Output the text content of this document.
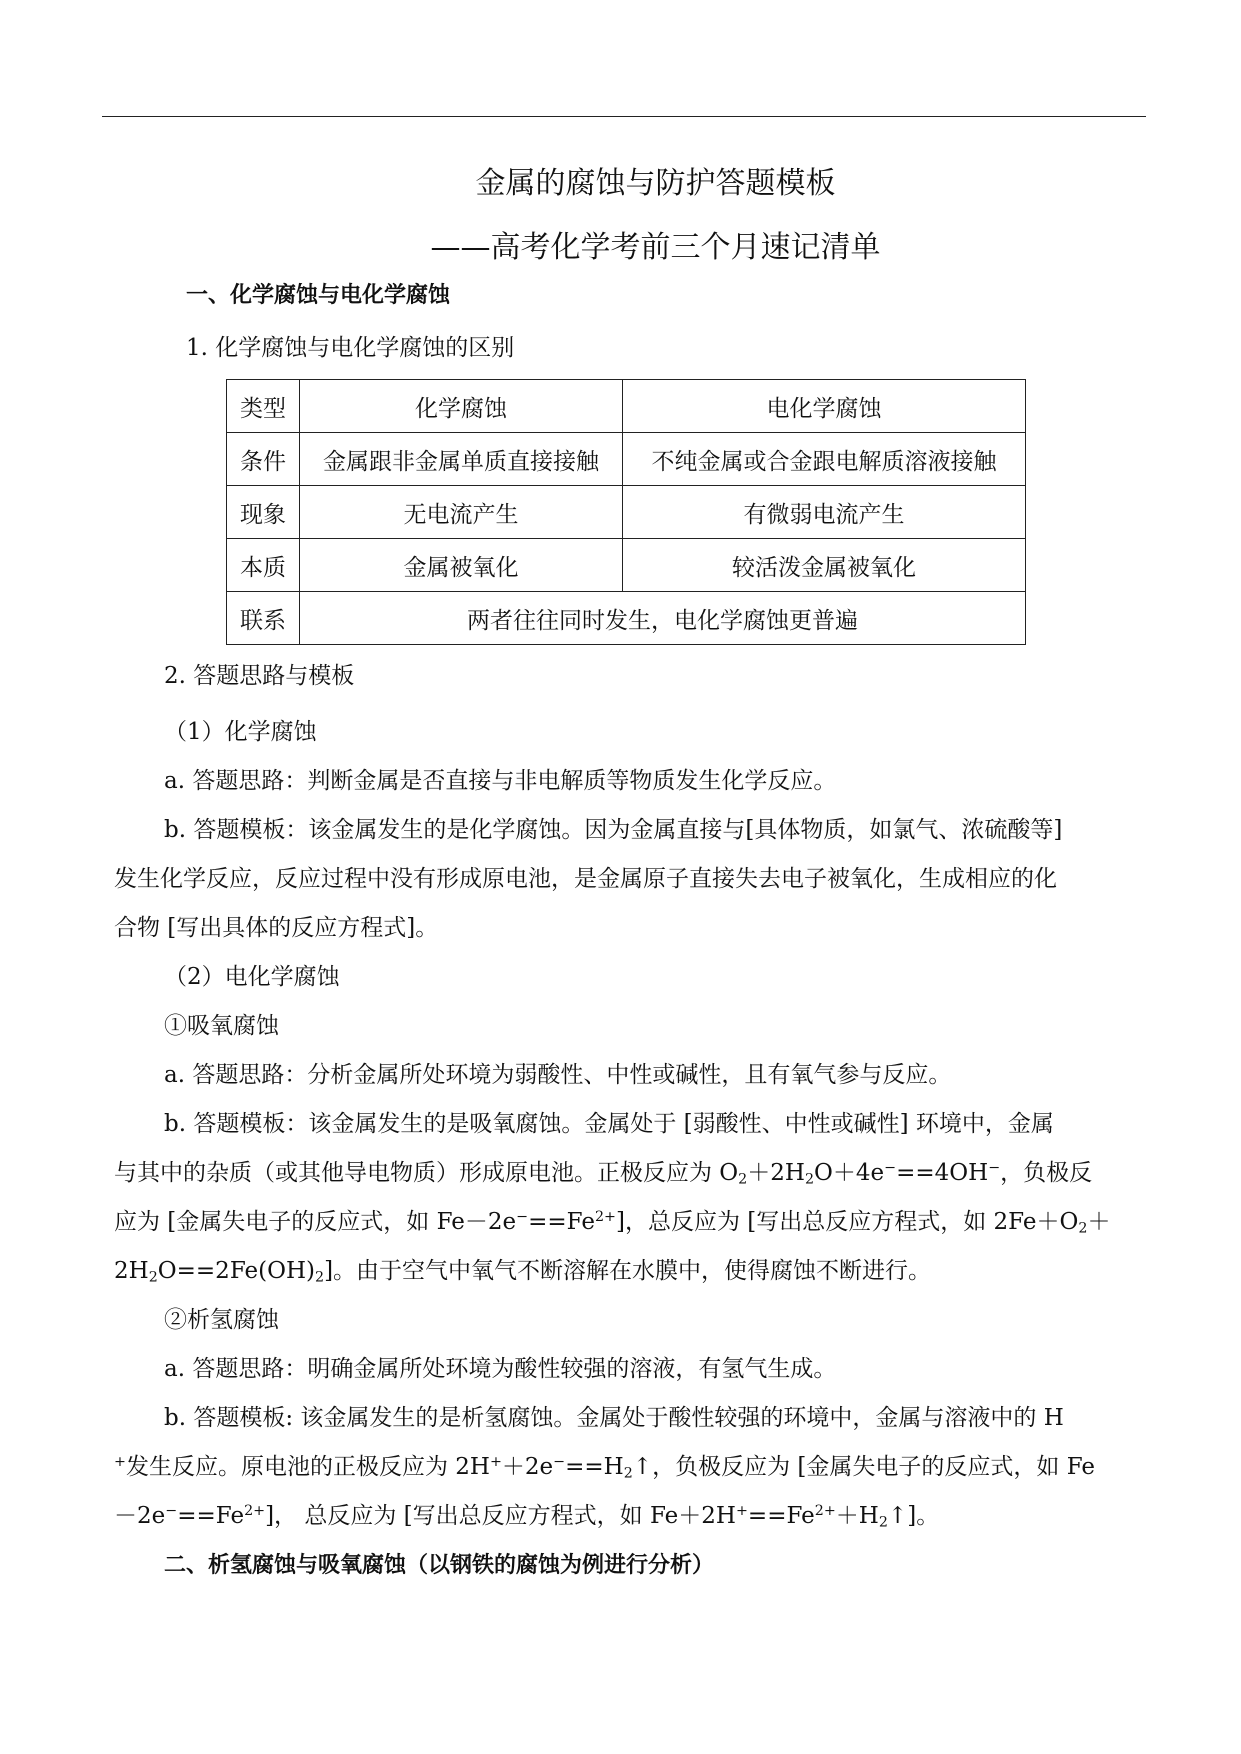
金属的腐蚀与防护答题模板
——高考化学考前三个月速记清单
一、化学腐蚀与电化学腐蚀
1. 化学腐蚀与电化学腐蚀的区别
类型	化学腐蚀	电化学腐蚀
条件	金属跟非金属单质直接接触	不纯金属或合金跟电解质溶液接触
现象	无电流产生	有微弱电流产生
本质	金属被氧化	较活泼金属被氧化
联系	两者往往同时发生，电化学腐蚀更普遍	
2. 答题思路与模板
（1）化学腐蚀
a. 答题思路：判断金属是否直接与非电解质等物质发生化学反应。
b. 答题模板：该金属发生的是化学腐蚀。因为金属直接与[具体物质，如氯气、浓硫酸等]
发生化学反应，反应过程中没有形成原电池，是金属原子直接失去电子被氧化，生成相应的化
合物 [写出具体的反应方程式]。
（2）电化学腐蚀
①吸氧腐蚀
a. 答题思路：分析金属所处环境为弱酸性、中性或碱性，且有氧气参与反应。
b. 答题模板：该金属发生的是吸氧腐蚀。金属处于 [弱酸性、中性或碱性] 环境中，金属
与其中的杂质（或其他导电物质）形成原电池。正极反应为 $O_2+2H_2O+4e^-==4OH^-$，负极反
应为 [金属失电子的反应式，如 $Fe-2e^-==Fe^{2+}$]，总反应为 [写出总反应方程式，如 $2Fe+O_2+$
$2H_2O==2Fe(OH)_2$]。由于空气中氧气不断溶解在水膜中，使得腐蚀不断进行。
②析氢腐蚀
a. 答题思路：明确金属所处环境为酸性较强的溶液，有氢气生成。
b. 答题模板: 该金属发生的是析氢腐蚀。金属处于酸性较强的环境中，金属与溶液中的 H
+发生反应。原电池的正极反应为 $2H^++2e^-==H_2↑$，负极反应为 [金属失电子的反应式，如 Fe
$-2e^-==Fe^{2+}$]， 总反应为 [写出总反应方程式，如 $Fe+2H^+==Fe^{2+}+H_2↑$]。
二、析氢腐蚀与吸氧腐蚀（以钢铁的腐蚀为例进行分析）
